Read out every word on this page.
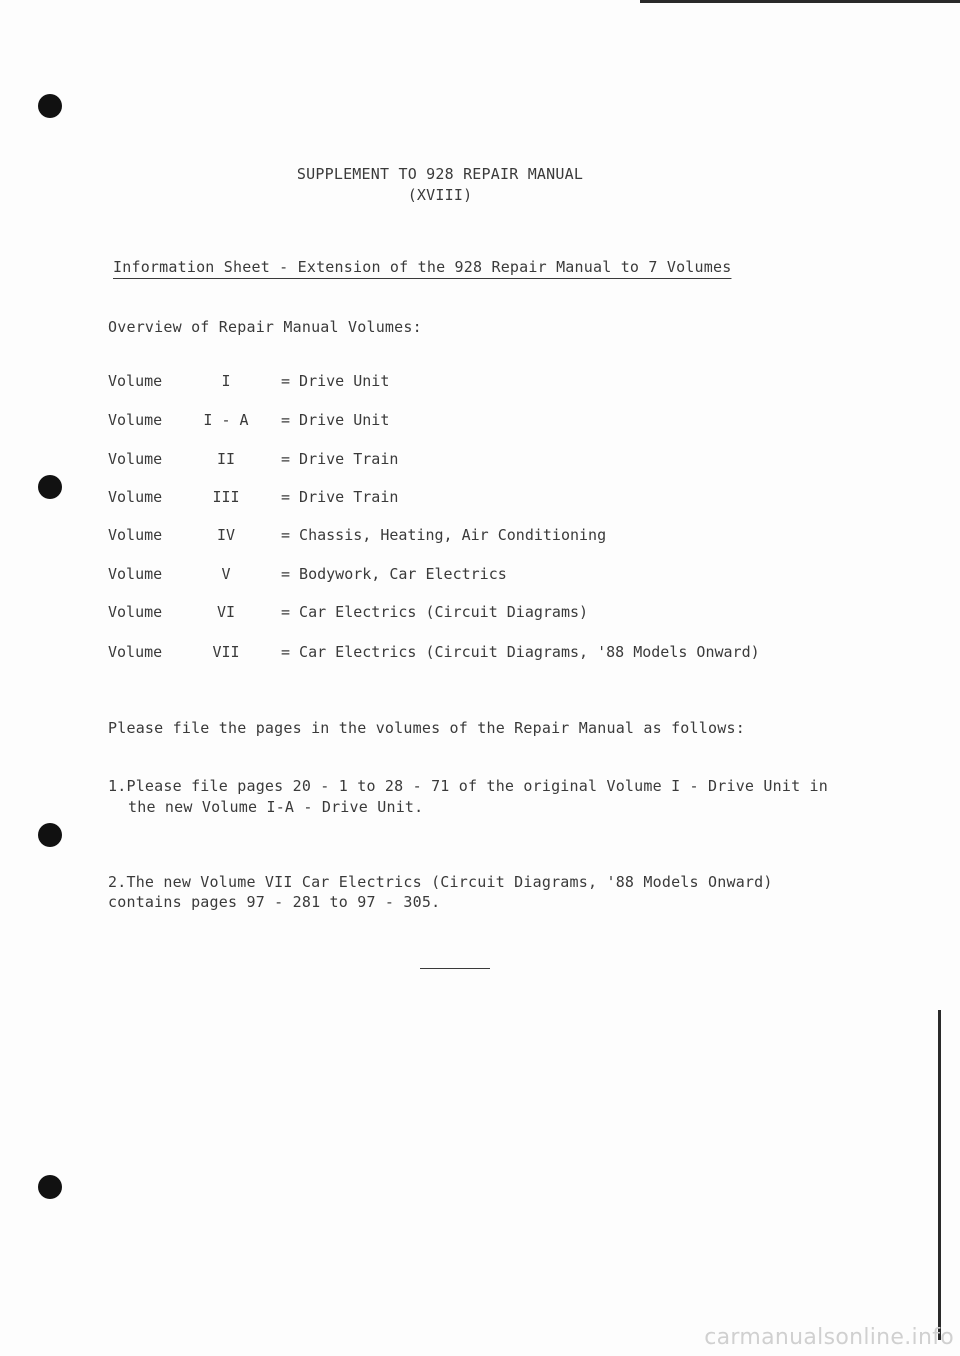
SUPPLEMENT TO 928 REPAIR MANUAL
(XVIII)
Information Sheet - Extension of the 928 Repair Manual to 7 Volumes
Overview of Repair Manual Volumes:
Volume	I	= Drive Unit
Volume	I - A	= Drive Unit
Volume	II	= Drive Train
Volume	III	= Drive Train
Volume	IV	= Chassis, Heating, Air Conditioning
Volume	V	= Bodywork, Car Electrics
Volume	VI	= Car Electrics (Circuit Diagrams)
Volume	VII	= Car Electrics (Circuit Diagrams, '88 Models Onward)
Please file the pages in the volumes of the Repair Manual as follows:
1.Please file pages 20 - 1 to 28 - 71 of the original Volume I - Drive Unit in
the new Volume I-A - Drive Unit.
2.The new Volume VII Car Electrics (Circuit Diagrams, '88 Models Onward)
contains pages 97 - 281 to 97 - 305.
carmanualsonline.info
